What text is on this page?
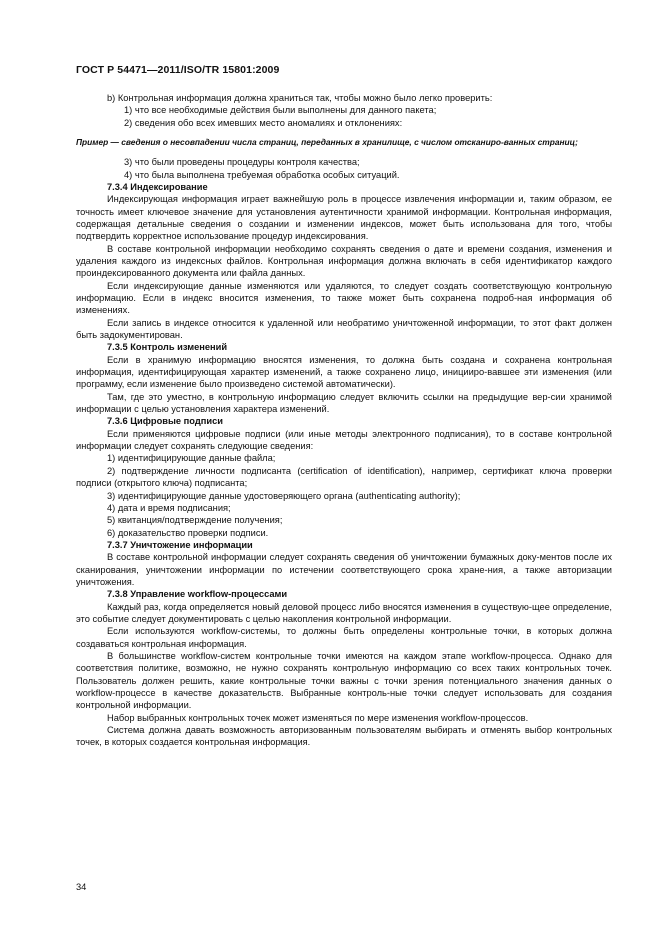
ГОСТ Р 54471—2011/ISO/TR 15801:2009

b) Контрольная информация должна храниться так, чтобы можно было легко проверить:

1) что все необходимые действия были выполнены для данного пакета;

2) сведения обо всех имевших место аномалиях и отклонениях:

Пример — сведения о несовпадении числа страниц, переданных в хранилище, с числом отсканиро-ванных страниц;

3) что были проведены процедуры контроля качества;

4) что была выполнена требуемая обработка особых ситуаций.

7.3.4 Индексирование

Индексирующая информация играет важнейшую роль в процессе извлечения информации и, таким образом, ее точность имеет ключевое значение для установления аутентичности хранимой информации. Контрольная информация, содержащая детальные сведения о создании и изменении индексов, может быть использована для того, чтобы подтвердить корректное использование процедур индексирования.

В составе контрольной информации необходимо сохранять сведения о дате и времени создания, изменения и удаления каждого из индексных файлов. Контрольная информация должна включать в себя идентификатор каждого проиндексированного документа или файла данных.

Если индексирующие данные изменяются или удаляются, то следует создать соответствующую контрольную информацию. Если в индекс вносится изменения, то также может быть сохранена подроб-ная информация об изменениях.

Если запись в индексе относится к удаленной или необратимо уничтоженной информации, то этот факт должен быть задокументирован.

7.3.5 Контроль изменений

Если в хранимую информацию вносятся изменения, то должна быть создана и сохранена контрольная информация, идентифицирующая характер изменений, а также сохранено лицо, иницииро-вавшее эти изменения (или программу, если изменение было произведено системой автоматически).

Там, где это уместно, в контрольную информацию следует включить ссылки на предыдущие вер-сии хранимой информации с целью установления характера изменений.

7.3.6 Цифровые подписи

Если применяются цифровые подписи (или иные методы электронного подписания), то в составе контрольной информации следует сохранять следующие сведения:

1) идентифицирующие данные файла;

2) подтверждение личности подписанта (certification of identification), например, сертификат ключа проверки подписи (открытого ключа) подписанта;

3) идентифицирующие данные удостоверяющего органа (authenticating authority);

4) дата и время подписания;

5) квитанция/подтверждение получения;

6) доказательство проверки подписи.

7.3.7 Уничтожение информации

В составе контрольной информации следует сохранять сведения об уничтожении бумажных доку-ментов после их сканирования, уничтожении информации по истечении соответствующего срока хране-ния, а также авторизации уничтожения.

7.3.8 Управление workflow-процессами

Каждый раз, когда определяется новый деловой процесс либо вносятся изменения в существую-щее определение, это событие следует документировать с целью накопления контрольной информации.

Если используются workflow-системы, то должны быть определены контрольные точки, в которых должна создаваться контрольная информация.

В большинстве workflow-систем контрольные точки имеются на каждом этапе workflow-процесса. Однако для соответствия политике, возможно, не нужно сохранять контрольную информацию со всех таких контрольных точек. Пользователь должен решить, какие контрольные точки важны с точки зрения потенциального значения данных о workflow-процессе в качестве доказательств. Выбранные контроль-ные точки следует использовать для создания контрольной информации.

Набор выбранных контрольных точек может изменяться по мере изменения workflow-процессов.

Система должна давать возможность авторизованным пользователям выбирать и отменять выбор контрольных точек, в которых создается контрольная информация.

34
